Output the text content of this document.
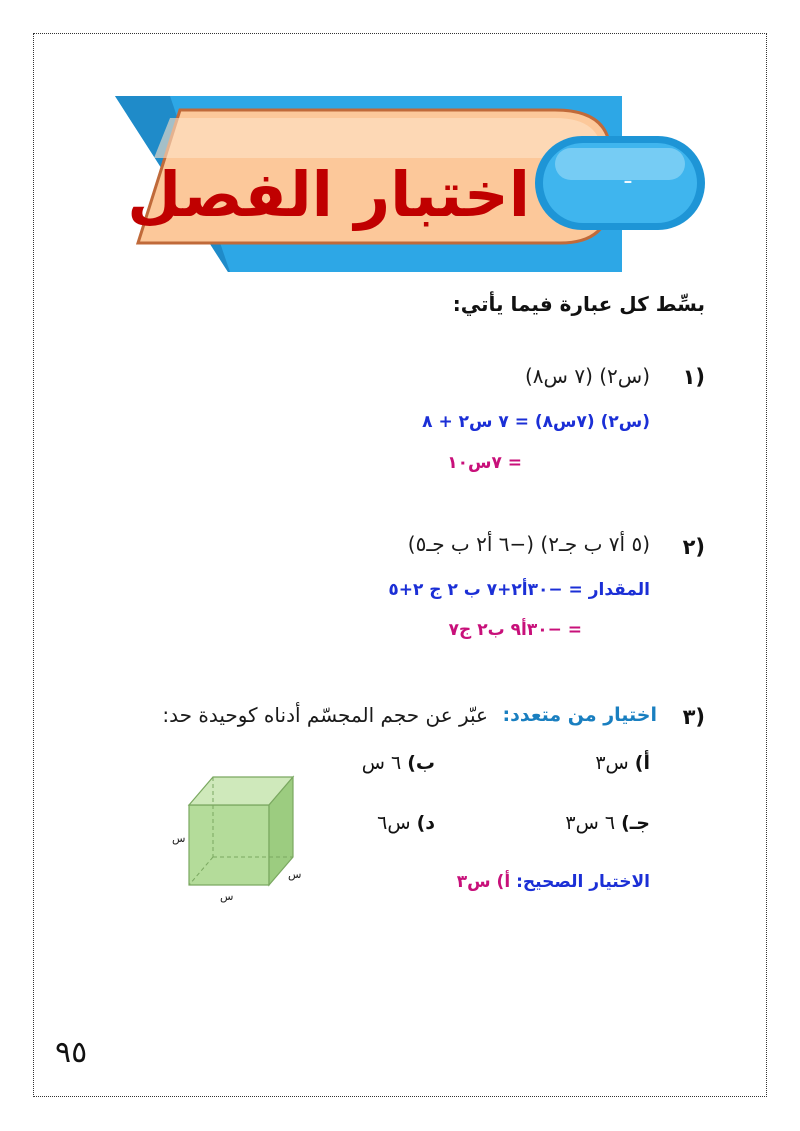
اختبار الفصل	-
بسِّط كل عبارة فيما يأتي:
١)
(س٢) (٧ س٨)
(س٢) (٧س٨) = ٧ س٢ + ٨
= ٧س١٠
٢)
(٥ أ٧ ب جـ٢) (−٦ أ٢ ب جـ٥)
المقدار = −٣٠أ٢+٧ ب ٢ ج ٢+٥
= −٣٠أ٩ ب٢ ج٧
٣)
اختيار من متعدد:
عبّر عن حجم المجسّم أدناه كوحيدة حد:
أ) س٣
ب) ٦ س
جـ) ٦ س٣
د) س٦
الاختيار الصحيح: أ) س٣
س
س
س
٩٥
